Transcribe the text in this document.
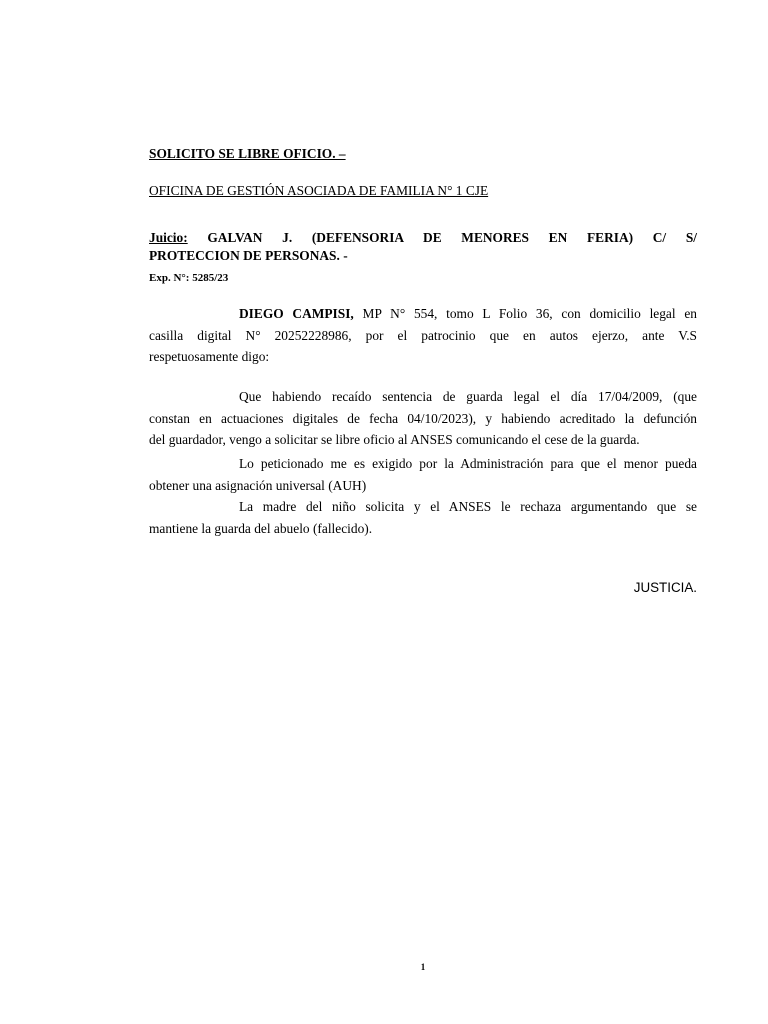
SOLICITO SE LIBRE OFICIO. –
OFICINA DE GESTIÓN ASOCIADA DE FAMILIA N° 1 CJE
Juicio: GALVAN J. (DEFENSORIA DE MENORES EN FERIA) C/ S/
PROTECCION DE PERSONAS. -
Exp. N°: 5285/23
DIEGO CAMPISI, MP N° 554, tomo L Folio 36, con domicilio legal en
casilla digital N° 20252228986, por el patrocinio que en autos ejerzo, ante V.S
respetuosamente digo:
Que habiendo recaído sentencia de guarda legal el día 17/04/2009, (que
constan en actuaciones digitales de fecha 04/10/2023), y habiendo acreditado la defunción
del guardador, vengo a solicitar se libre oficio al ANSES comunicando el cese de la guarda.
Lo peticionado me es exigido por la Administración para que el menor pueda
obtener una asignación universal (AUH)
La madre del niño solicita y el ANSES le rechaza argumentando que se
mantiene la guarda del abuelo (fallecido).
JUSTICIA.
1
